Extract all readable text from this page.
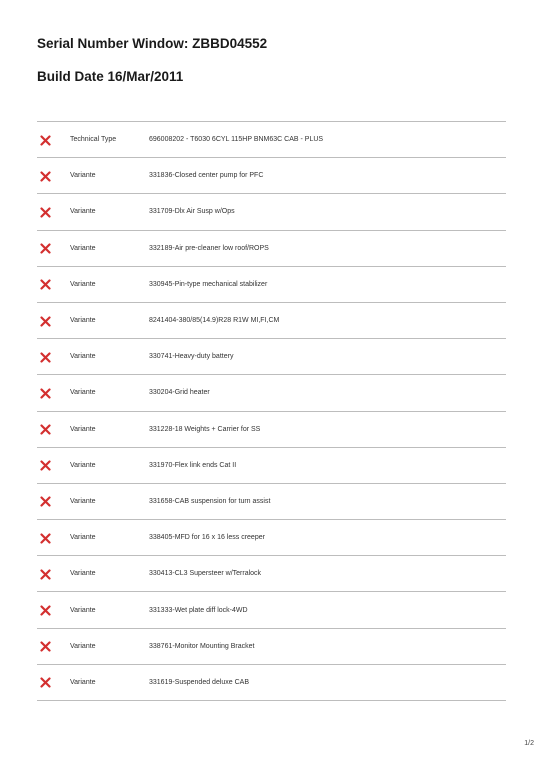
Serial Number Window: ZBBD04552
Build Date 16/Mar/2011
Technical Type	696008202 - T6030 6CYL 115HP BNM63C CAB - PLUS
Variante	331836-Closed center pump for PFC
Variante	331709-Dlx Air Susp w/Ops
Variante	332189-Air pre-cleaner low roof/ROPS
Variante	330945-Pin-type mechanical stabilizer
Variante	8241404-380/85(14.9)R28 R1W MI,FI,CM
Variante	330741-Heavy-duty battery
Variante	330204-Grid heater
Variante	331228-18 Weights + Carrier for SS
Variante	331970-Flex link ends Cat II
Variante	331658-CAB suspension for turn assist
Variante	338405-MFD for 16 x 16 less creeper
Variante	330413-CL3 Supersteer w/Terralock
Variante	331333-Wet plate diff lock-4WD
Variante	338761-Monitor Mounting Bracket
Variante	331619-Suspended deluxe CAB
1/2
